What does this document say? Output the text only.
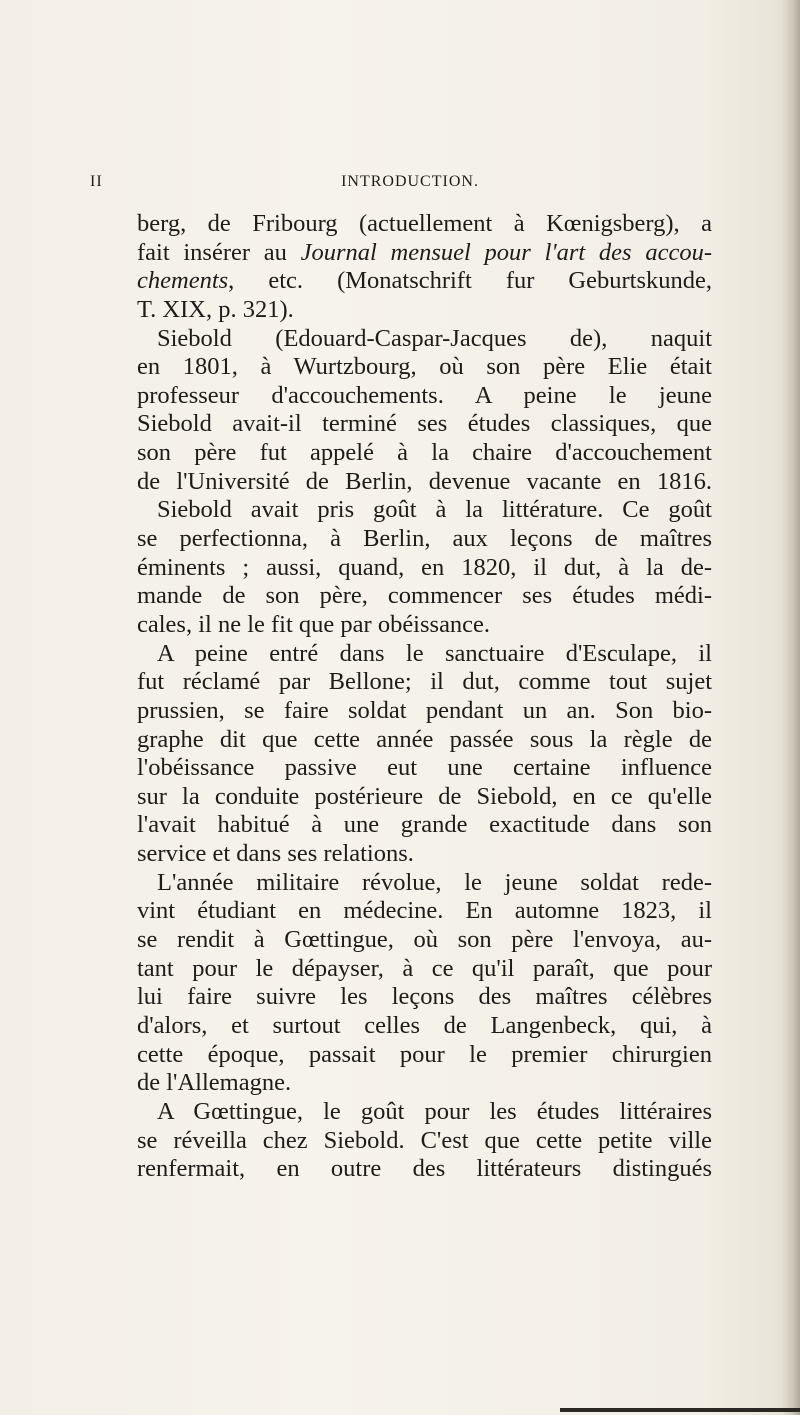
II	INTRODUCTION.
berg, de Fribourg (actuellement à Kœnigsberg), a
fait insérer au Journal mensuel pour l'art des accou-
chements, etc. (Monatschrift fur Geburtskunde,
T. XIX, p. 321).
Siebold (Edouard-Caspar-Jacques de), naquit
en 1801, à Wurtzbourg, où son père Elie était
professeur d'accouchements. A peine le jeune
Siebold avait-il terminé ses études classiques, que
son père fut appelé à la chaire d'accouchement
de l'Université de Berlin, devenue vacante en 1816.
Siebold avait pris goût à la littérature. Ce goût
se perfectionna, à Berlin, aux leçons de maîtres
éminents ; aussi, quand, en 1820, il dut, à la de-
mande de son père, commencer ses études médi-
cales, il ne le fit que par obéissance.
A peine entré dans le sanctuaire d'Esculape, il
fut réclamé par Bellone; il dut, comme tout sujet
prussien, se faire soldat pendant un an. Son bio-
graphe dit que cette année passée sous la règle de
l'obéissance passive eut une certaine influence
sur la conduite postérieure de Siebold, en ce qu'elle
l'avait habitué à une grande exactitude dans son
service et dans ses relations.
L'année militaire révolue, le jeune soldat rede-
vint étudiant en médecine. En automne 1823, il
se rendit à Gœttingue, où son père l'envoya, au-
tant pour le dépayser, à ce qu'il paraît, que pour
lui faire suivre les leçons des maîtres célèbres
d'alors, et surtout celles de Langenbeck, qui, à
cette époque, passait pour le premier chirurgien
de l'Allemagne.
A Gœttingue, le goût pour les études littéraires
se réveilla chez Siebold. C'est que cette petite ville
renfermait, en outre des littérateurs distingués
